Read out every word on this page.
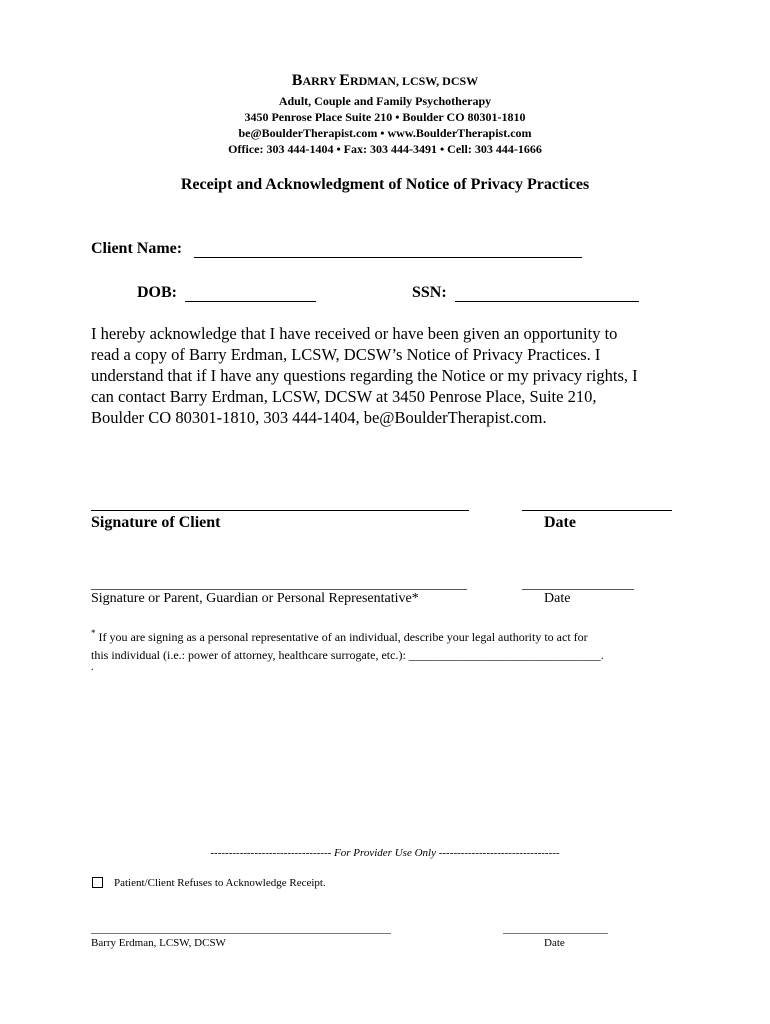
BARRY ERDMAN, LCSW, DCSW
Adult, Couple and Family Psychotherapy
3450 Penrose Place Suite 210 • Boulder CO 80301-1810
be@BoulderTherapist.com • www.BoulderTherapist.com
Office: 303 444-1404 • Fax: 303 444-3491 • Cell: 303 444-1666
Receipt and Acknowledgment of Notice of Privacy Practices
Client Name:
DOB:	SSN:
I hereby acknowledge that I have received or have been given an opportunity to
read a copy of Barry Erdman, LCSW, DCSW’s Notice of Privacy Practices. I
understand that if I have any questions regarding the Notice or my privacy rights, I
can contact Barry Erdman, LCSW, DCSW at 3450 Penrose Place, Suite 210,
Boulder CO 80301-1810, 303 444-1404, be@BoulderTherapist.com.
Signature of Client	Date
Signature or Parent, Guardian or Personal Representative*	Date
* If you are signing as a personal representative of an individual, describe your legal authority to act for
this individual (i.e.: power of attorney, healthcare surrogate, etc.): ________________________________.
.
--------------------------------- For Provider Use Only ---------------------------------
Patient/Client Refuses to Acknowledge Receipt.
Barry Erdman, LCSW, DCSW	Date
